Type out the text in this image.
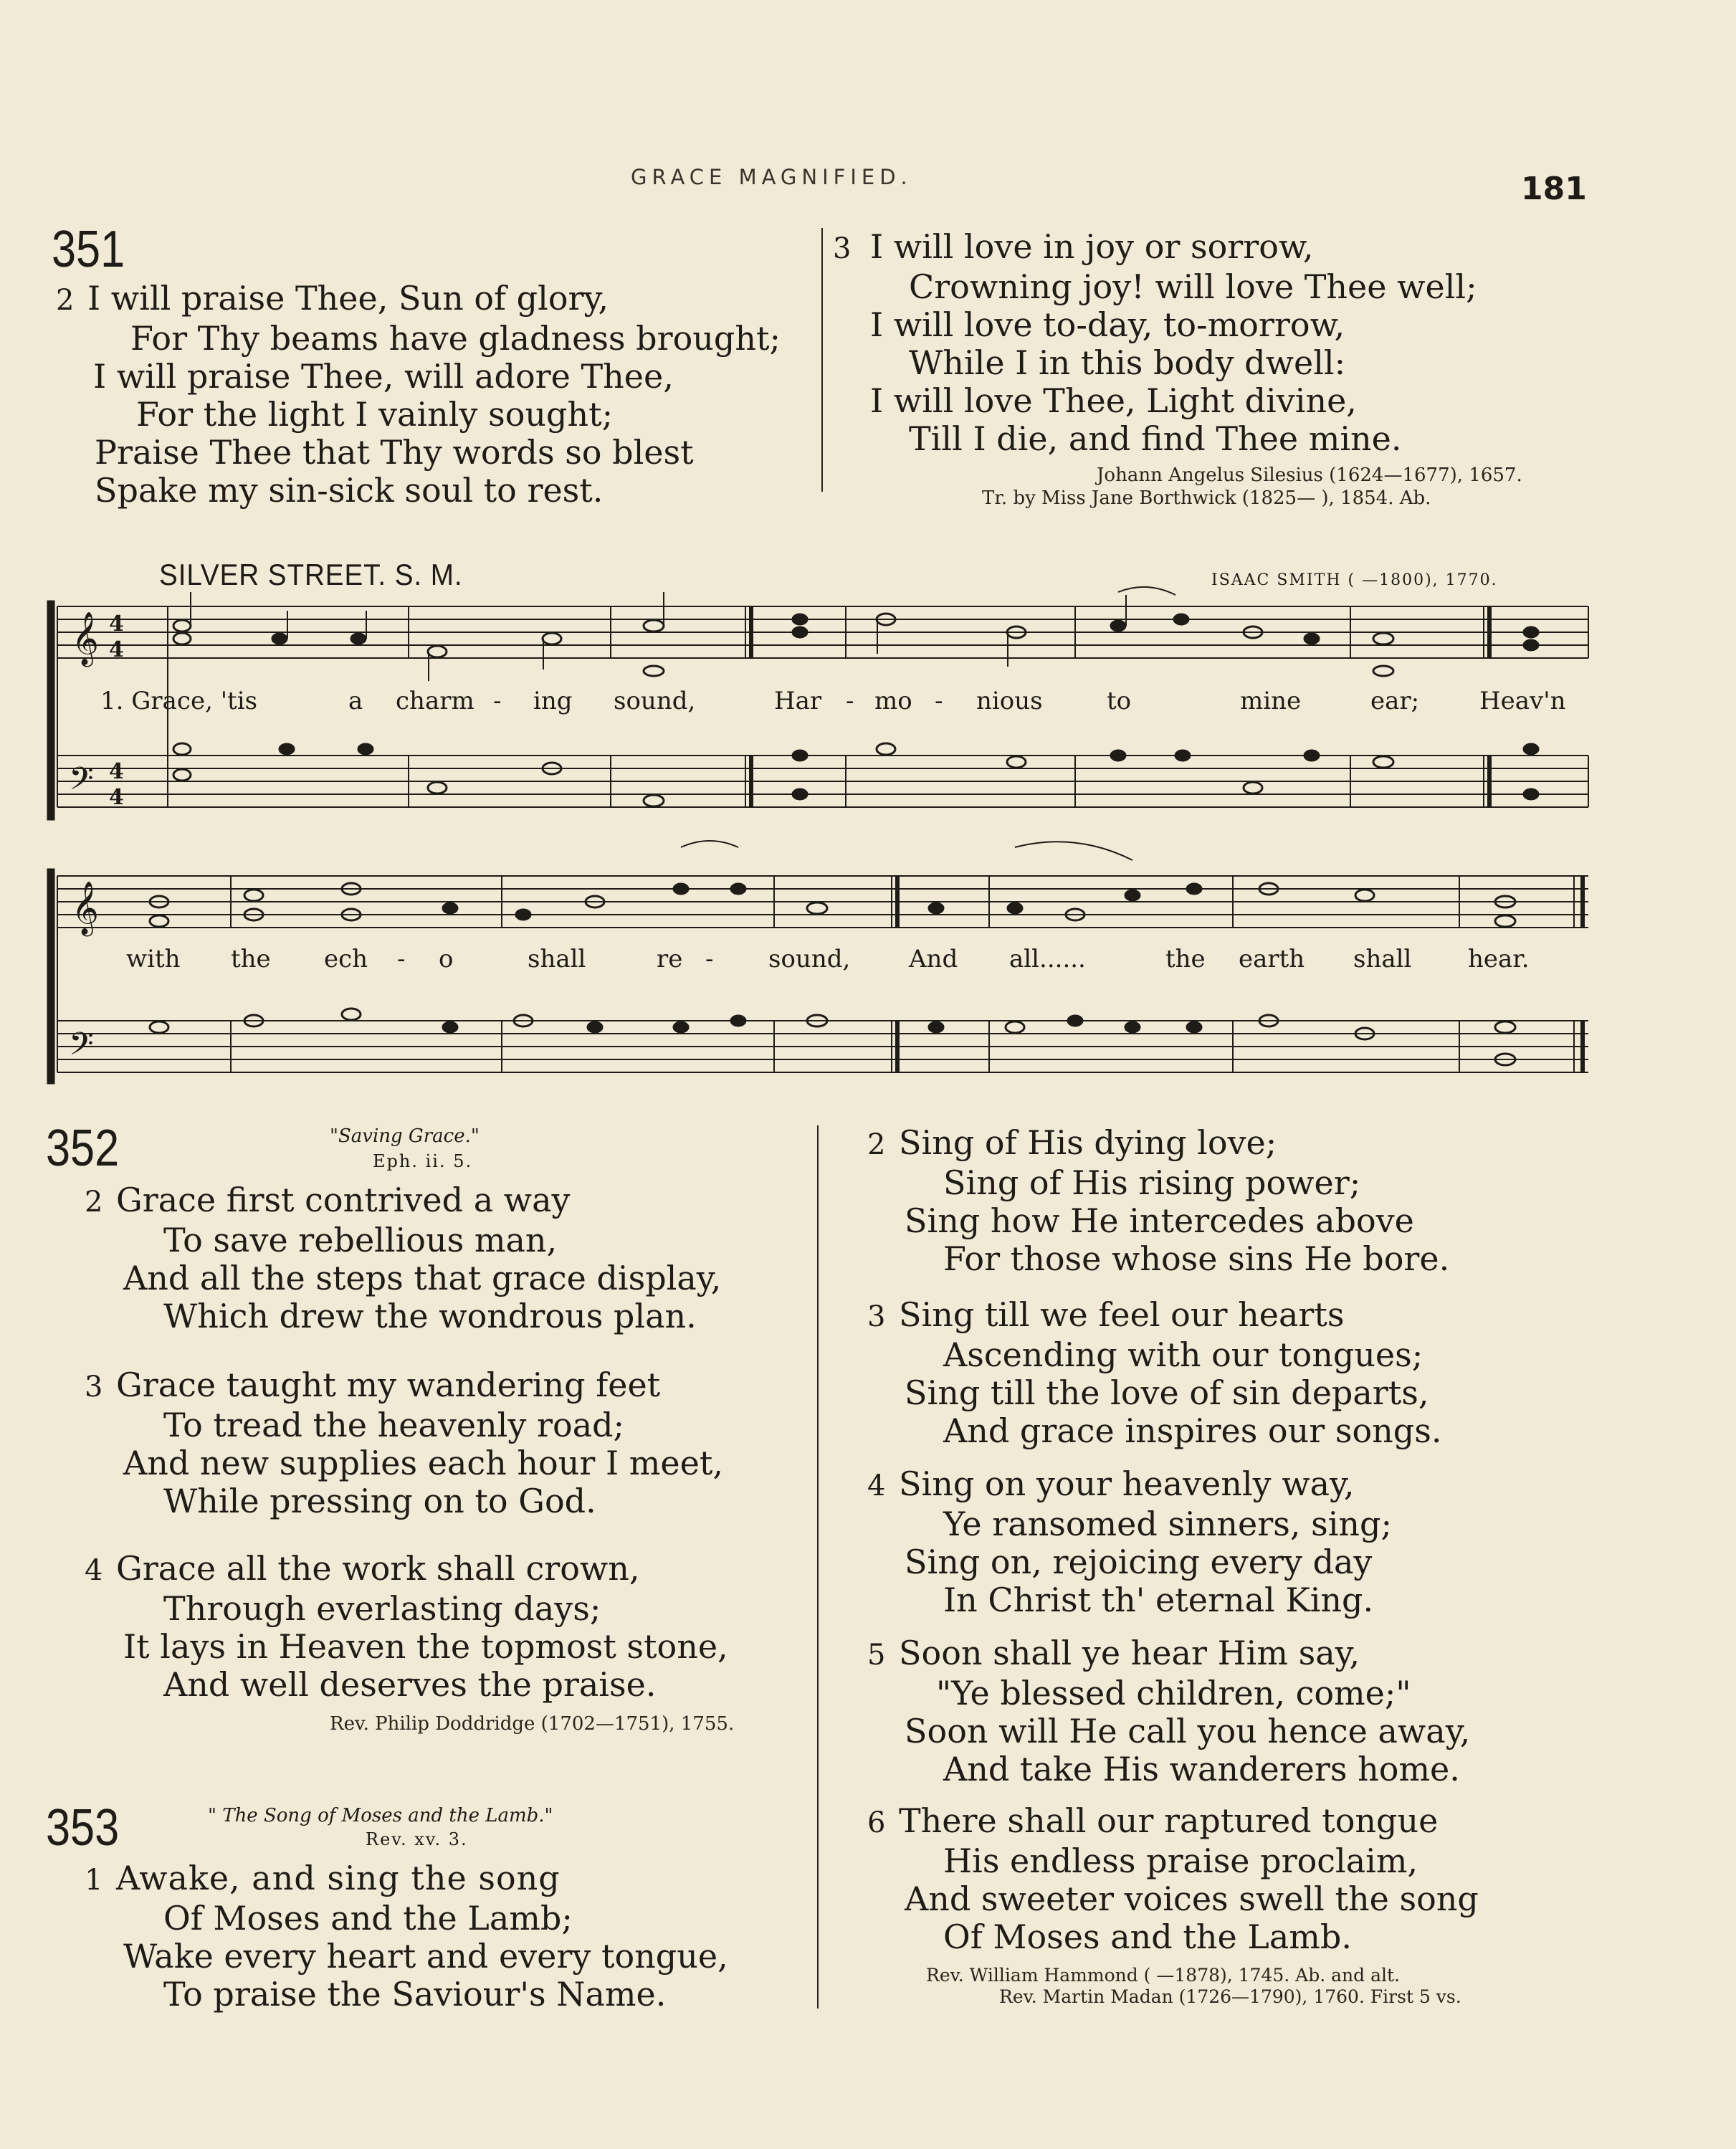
GRACE MAGNIFIED.	181
351
2 I will praise Thee, Sun of glory,
For Thy beams have gladness brought;
I will praise Thee, will adore Thee,
For the light I vainly sought;
Praise Thee that Thy words so blest
Spake my sin-sick soul to rest.
3 I will love in joy or sorrow,
Crowning joy! will love Thee well;
I will love to-day, to-morrow,
While I in this body dwell:
I will love Thee, Light divine,
Till I die, and find Thee mine.
Johann Angelus Silesius (1624—1677), 1657.
Tr. by Miss Jane Borthwick (1825— ), 1854. Ab.
SILVER STREET. S. M.	ISAAC SMITH ( —1800), 1770.
𝄞 4
4
𝄢 4
4
𝄞
𝄢
1. Grace, 'tis	a charm - ing sound,	Har - mo - nious	to	mine	ear; Heav'n
with the ech - o	shall	re - sound, And all......	the earth shall hear.
352	"Saving Grace."
Eph. ii. 5.
2 Grace first contrived a way
To save rebellious man,
And all the steps that grace display,
Which drew the wondrous plan.
3 Grace taught my wandering feet
To tread the heavenly road;
And new supplies each hour I meet,
While pressing on to God.
4 Grace all the work shall crown,
Through everlasting days;
It lays in Heaven the topmost stone,
And well deserves the praise.
Rev. Philip Doddridge (1702—1751), 1755.
353	" The Song of Moses and the Lamb."
Rev. xv. 3.
1 Awake, and sing the song
Of Moses and the Lamb;
Wake every heart and every tongue,
To praise the Saviour's Name.
2 Sing of His dying love;
Sing of His rising power;
Sing how He intercedes above
For those whose sins He bore.
3 Sing till we feel our hearts
Ascending with our tongues;
Sing till the love of sin departs,
And grace inspires our songs.
4 Sing on your heavenly way,
Ye ransomed sinners, sing;
Sing on, rejoicing every day
In Christ th' eternal King.
5 Soon shall ye hear Him say,
"Ye blessed children, come;"
Soon will He call you hence away,
And take His wanderers home.
6 There shall our raptured tongue
His endless praise proclaim,
And sweeter voices swell the song
Of Moses and the Lamb.
Rev. William Hammond ( —1878), 1745. Ab. and alt.
Rev. Martin Madan (1726—1790), 1760. First 5 vs.
